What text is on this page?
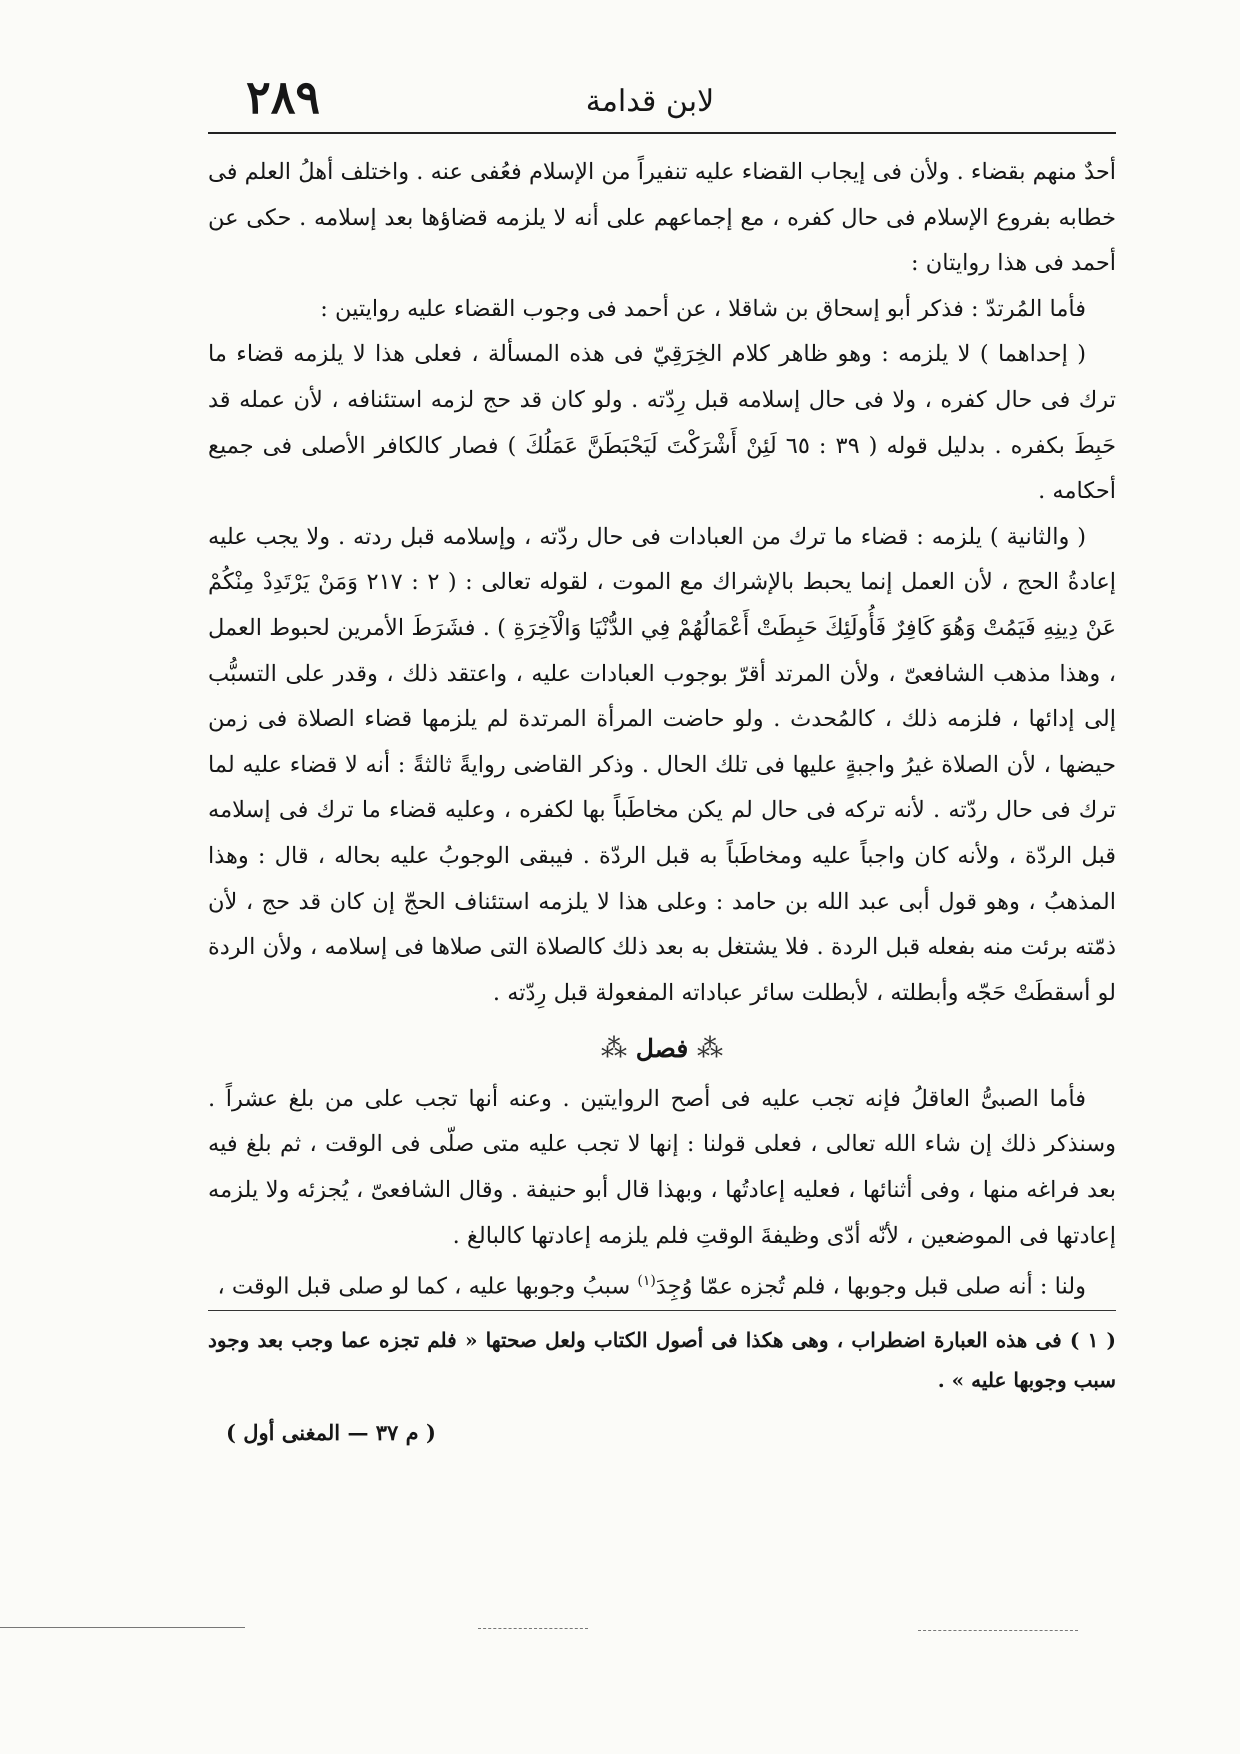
٢٨٩	لابن قدامة

أحدٌ منهم بقضاء . ولأن فى إيجاب القضاء عليه تنفيراً من الإسلام فعُفى عنه . واختلف أهلُ العلم فى خطابه بفروع الإسلام فى حال كفره ، مع إجماعهم على أنه لا يلزمه قضاؤها بعد إسلامه . حكى عن أحمد فى هذا روايتان :

فأما المُرتدّ : فذكر أبو إسحاق بن شاقلا ، عن أحمد فى وجوب القضاء عليه روايتين :

( إحداهما ) لا يلزمه : وهو ظاهر كلام الخِرَقِيّ فى هذه المسألة ، فعلى هذا لا يلزمه قضاء ما ترك فى حال كفره ، ولا فى حال إسلامه قبل رِدّته . ولو كان قد حج لزمه استئنافه ، لأن عمله قد حَبِطَ بكفره . بدليل قوله ( ٣٩ : ٦٥ لَئِنْ أَشْرَكْتَ لَيَحْبَطَنَّ عَمَلُكَ ) فصار كالكافر الأصلى فى جميع أحكامه .

( والثانية ) يلزمه : قضاء ما ترك من العبادات فى حال ردّته ، وإسلامه قبل ردته . ولا يجب عليه إعادةُ الحج ، لأن العمل إنما يحبط بالإشراك مع الموت ، لقوله تعالى : ( ٢ : ٢١٧ وَمَنْ يَرْتَدِدْ مِنْكُمْ عَنْ دِينِهِ فَيَمُتْ وَهُوَ كَافِرٌ فَأُولَئِكَ حَبِطَتْ أَعْمَالُهُمْ فِي الدُّنْيَا وَالْآخِرَةِ ) . فشَرَطَ الأمرين لحبوط العمل ، وهذا مذهب الشافعىّ ، ولأن المرتد أقرّ بوجوب العبادات عليه ، واعتقد ذلك ، وقدر على التسبُّب إلى إدائها ، فلزمه ذلك ، كالمُحدث . ولو حاضت المرأة المرتدة لم يلزمها قضاء الصلاة فى زمن حيضها ، لأن الصلاة غيرُ واجبةٍ عليها فى تلك الحال . وذكر القاضى روايةً ثالثةً : أنه لا قضاء عليه لما ترك فى حال ردّته . لأنه تركه فى حال لم يكن مخاطَباً بها لكفره ، وعليه قضاء ما ترك فى إسلامه قبل الردّة ، ولأنه كان واجباً عليه ومخاطَباً به قبل الردّة . فيبقى الوجوبُ عليه بحاله ، قال : وهذا المذهبُ ، وهو قول أبى عبد الله بن حامد : وعلى هذا لا يلزمه استئناف الحجّ إن كان قد حج ، لأن ذمّته برئت منه بفعله قبل الردة . فلا يشتغل به بعد ذلك كالصلاة التى صلاها فى إسلامه ، ولأن الردة لو أسقطَتْ حَجّه وأبطلته ، لأبطلت سائر عباداته المفعولة قبل رِدّته .

⁂ فصل ⁂

فأما الصبىُّ العاقلُ فإنه تجب عليه فى أصح الروايتين . وعنه أنها تجب على من بلغ عشراً . وسنذكر ذلك إن شاء الله تعالى ، فعلى قولنا : إنها لا تجب عليه متى صلّى فى الوقت ، ثم بلغ فيه بعد فراغه منها ، وفى أثنائها ، فعليه إعادتُها ، وبهذا قال أبو حنيفة . وقال الشافعىّ ، يُجزئه ولا يلزمه إعادتها فى الموضعين ، لأنّه أدّى وظيفةَ الوقتِ فلم يلزمه إعادتها كالبالغ .

ولنا : أنه صلى قبل وجوبها ، فلم تُجزه عمّا وُجِدَ$^{(١)}$ سببُ وجوبها عليه ، كما لو صلى قبل الوقت ،

( ١ ) فى هذه العبارة اضطراب ، وهى هكذا فى أصول الكتاب ولعل صحتها « فلم تجزه عما وجب بعد وجود سبب وجوبها عليه » .
( م ٣٧ — المغنى أول )
